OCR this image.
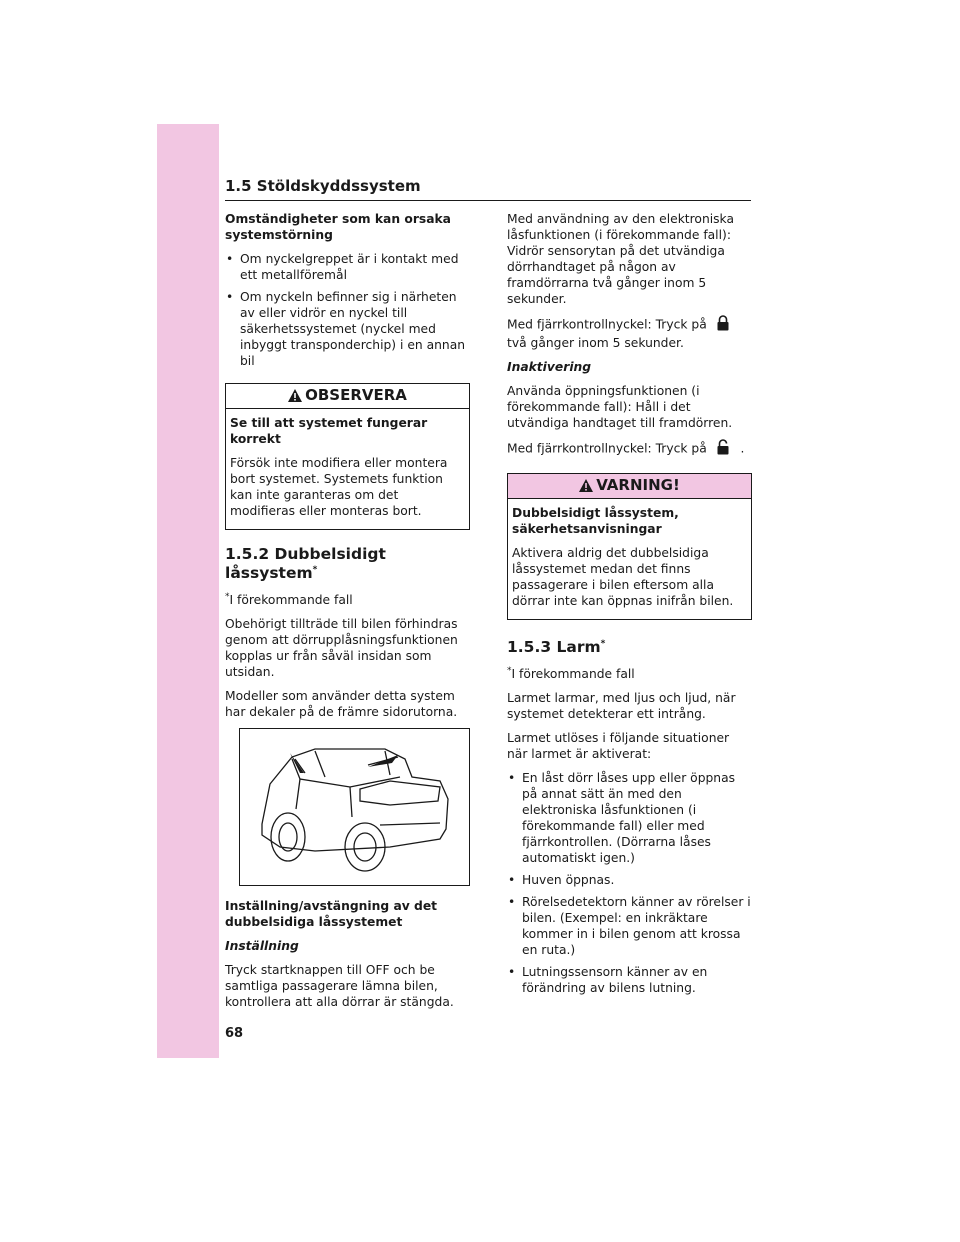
1.5 Stöldskyddssystem
Omständigheter som kan orsaka systemstörning
• Om nyckelgreppet är i kontakt med ett metallföremål
• Om nyckeln befinner sig i närheten av eller vidrör en nyckel till säkerhetssystemet (nyckel med inbyggt transponderchip) i en annan bil
OBSERVERA
Se till att systemet fungerar korrekt

Försök inte modifiera eller montera bort systemet. Systemets funktion kan inte garanteras om det modifieras eller monteras bort.

1.5.2 Dubbelsidigt låssystem*

*I förekommande fall

Obehörigt tillträde till bilen förhindras genom att dörrupplåsningsfunktionen kopplas ur från såväl insidan som utsidan.

Modeller som använder detta system har dekaler på de främre sidorutorna.

Inställning/avstängning av det dubbelsidiga låssystemet
Inställning

Tryck startknappen till OFF och be samtliga passagerare lämna bilen, kontrollera att alla dörrar är stängda.

Med användning av den elektroniska låsfunktionen (i förekommande fall): Vidrör sensorytan på det utvändiga dörrhandtaget på någon av framdörrarna två gånger inom 5 sekunder.

Med fjärrkontrollnyckel: Tryck på
två gånger inom 5 sekunder.

Inaktivering

Använda öppningsfunktionen (i förekommande fall): Håll i det utvändiga handtaget till framdörren.

Med fjärrkontrollnyckel: Tryck på	.

VARNING!
Dubbelsidigt låssystem, säkerhetsanvisningar

Aktivera aldrig det dubbelsidiga låssystemet medan det finns passagerare i bilen eftersom alla dörrar inte kan öppnas inifrån bilen.

1.5.3 Larm*

*I förekommande fall

Larmet larmar, med ljus och ljud, när systemet detekterar ett intrång.

Larmet utlöses i följande situationer när larmet är aktiverat:

• En låst dörr låses upp eller öppnas på annat sätt än med den elektroniska låsfunktionen (i förekommande fall) eller med fjärrkontrollen. (Dörrarna låses automatiskt igen.)
• Huven öppnas.
• Rörelsedetektorn känner av rörelser i bilen. (Exempel: en inkräktare kommer in i bilen genom att krossa en ruta.)
• Lutningssensorn känner av en förändring av bilens lutning.
68
